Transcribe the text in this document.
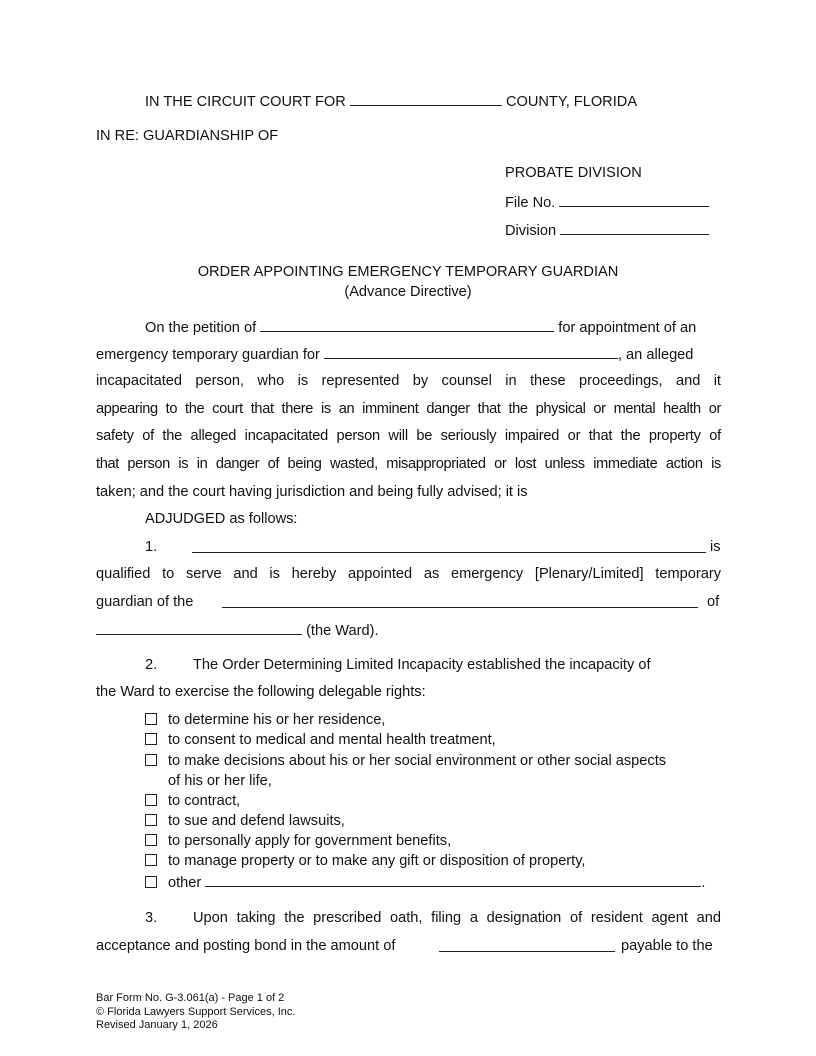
IN THE CIRCUIT COURT FOR	COUNTY, FLORIDA
IN RE: GUARDIANSHIP OF
PROBATE DIVISION
File No.
Division
ORDER APPOINTING EMERGENCY TEMPORARY GUARDIAN
(Advance Directive)
On the petition of	for appointment of an
emergency temporary guardian for	, an alleged
incapacitated person, who is represented by counsel in these proceedings, and it
appearing to the court that there is an imminent danger that the physical or mental health or
safety of the alleged incapacitated person will be seriously impaired or that the property of
that person is in danger of being wasted, misappropriated or lost unless immediate action is
taken; and the court having jurisdiction and being fully advised; it is
ADJUDGED as follows:
1.	is
qualified to serve and is hereby appointed as emergency [Plenary/Limited] temporary
guardian of the	of
(the Ward).
2. The Order Determining Limited Incapacity established the incapacity of
the Ward to exercise the following delegable rights:
to determine his or her residence,
to consent to medical and mental health treatment,
to make decisions about his or her social environment or other social aspects
of his or her life,
to contract,
to sue and defend lawsuits,
to personally apply for government benefits,
to manage property or to make any gift or disposition of property,
other	.
3. Upon taking the prescribed oath, filing a designation of resident agent and
acceptance and posting bond in the amount of	payable to the
Bar Form No. G-3.061(a) - Page 1 of 2
© Florida Lawyers Support Services, Inc.
Revised January 1, 2026
